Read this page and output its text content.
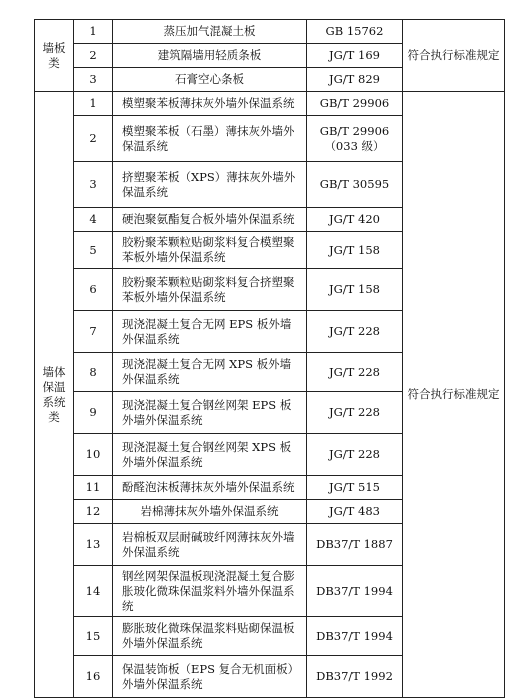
墙板类	1	蒸压加气混凝土板	GB 15762	符合执行标准规定
	2	建筑隔墙用轻质条板	JG/T 169	
	3	石膏空心条板	JG/T 829	
墙体保温系统类	1	模塑聚苯板薄抹灰外墙外保温系统	GB/T 29906	符合执行标准规定
	2	模塑聚苯板（石墨）薄抹灰外墙外保温系统	GB/T 29906（033 级）	
	3	挤塑聚苯板（XPS）薄抹灰外墙外保温系统	GB/T 30595	
	4	硬泡聚氨酯复合板外墙外保温系统	JG/T 420	
	5	胶粉聚苯颗粒贴砌浆料复合模塑聚苯板外墙外保温系统	JG/T 158	
	6	胶粉聚苯颗粒贴砌浆料复合挤塑聚苯板外墙外保温系统	JG/T 158	
	7	现浇混凝土复合无网 EPS 板外墙外保温系统	JG/T 228	
	8	现浇混凝土复合无网 XPS 板外墙外保温系统	JG/T 228	
	9	现浇混凝土复合钢丝网架 EPS 板外墙外保温系统	JG/T 228	
	10	现浇混凝土复合钢丝网架 XPS 板外墙外保温系统	JG/T 228	
	11	酚醛泡沫板薄抹灰外墙外保温系统	JG/T 515	
	12	岩棉薄抹灰外墙外保温系统	JG/T 483	
	13	岩棉板双层耐碱玻纤网薄抹灰外墙外保温系统	DB37/T 1887	
	14	钢丝网架保温板现浇混凝土复合膨胀玻化微珠保温浆料外墙外保温系统	DB37/T 1994	
	15	膨胀玻化微珠保温浆料贴砌保温板外墙外保温系统	DB37/T 1994	
	16	保温装饰板（EPS 复合无机面板）外墙外保温系统	DB37/T 1992	
